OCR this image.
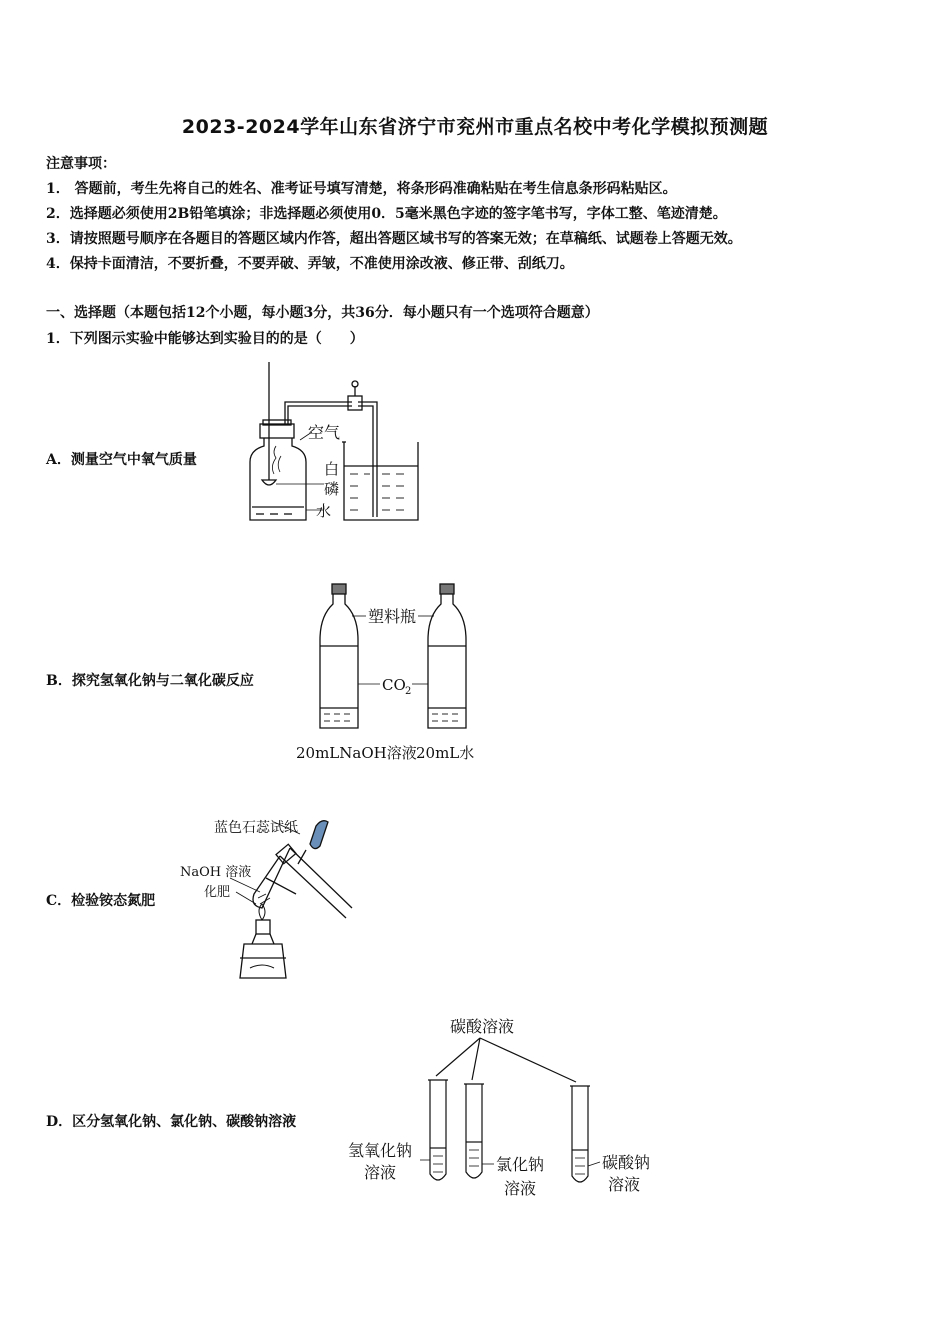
2023-2024学年山东省济宁市兖州市重点名校中考化学模拟预测题
注意事项：
1． 答题前，考生先将自己的姓名、准考证号填写清楚，将条形码准确粘贴在考生信息条形码粘贴区。
2．选择题必须使用2B铅笔填涂；非选择题必须使用0．5毫米黑色字迹的签字笔书写，字体工整、笔迹清楚。
3．请按照题号顺序在各题目的答题区域内作答，超出答题区域书写的答案无效；在草稿纸、试题卷上答题无效。
4．保持卡面清洁，不要折叠，不要弄破、弄皱，不准使用涂改液、修正带、刮纸刀。
一、选择题（本题包括12个小题，每小题3分，共36分．每小题只有一个选项符合题意）
1．下列图示实验中能够达到实验目的的是（　　）
A．测量空气中氧气质量
空气
白
磷
水
B．探究氢氧化钠与二氧化碳反应
塑料瓶
CO 2
20mLNaOH溶液 20mL水
C．检验铵态氮肥
蓝色石蕊试纸
NaOH 溶液
化肥
D．区分氢氧化钠、氯化钠、碳酸钠溶液
碳酸溶液
氢氧化钠
溶液	氯化钠
溶液
碳酸钠
溶液
